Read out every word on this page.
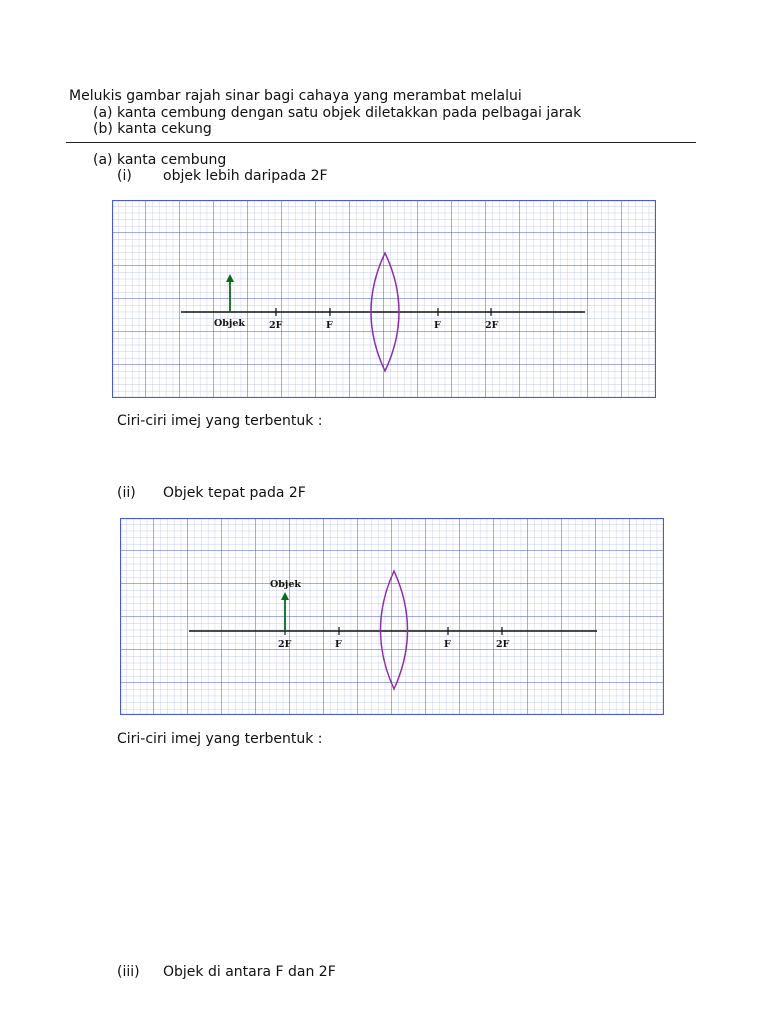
Melukis gambar rajah sinar bagi cahaya yang merambat melalui
(a) kanta cembung dengan satu objek diletakkan pada pelbagai jarak
(b) kanta cekung
(a) kanta cembung
(i) objek lebih daripada 2F
Objek	2F	F	F	2F
Ciri-ciri imej yang terbentuk :
(ii) Objek tepat pada 2F
Objek
2F	F	F	2F
Ciri-ciri imej yang terbentuk :
(iii) Objek di antara F dan 2F
